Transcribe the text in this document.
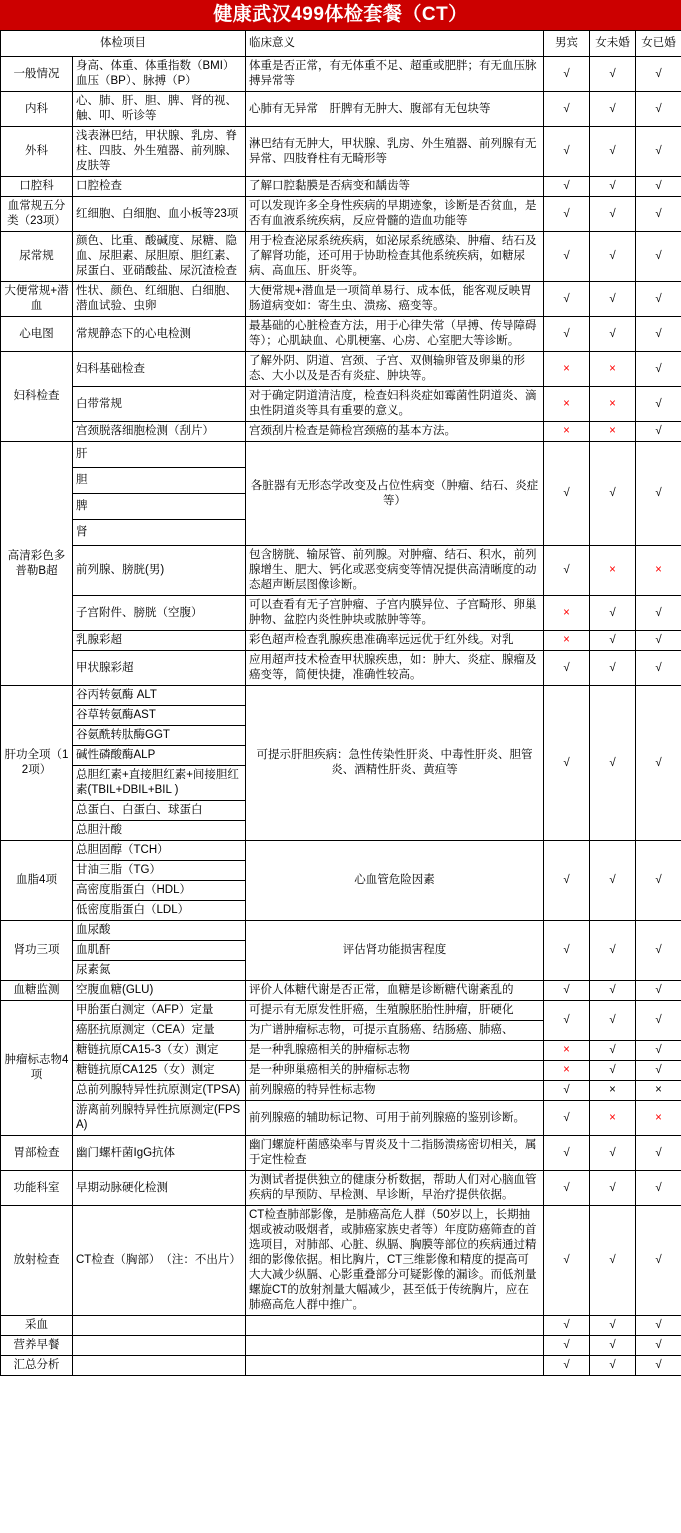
健康武汉499体检套餐（CT）
体检项目		临床意义	男宾	女未婚	女已婚
一般情况	身高、体重、体重指数（BMI）血压（BP）、脉搏（P）	体重是否正常，有无体重不足、超重或肥胖；有无血压脉搏异常等	√	√	√
内科	心、肺、肝、胆、脾、肾的视、触、叩、听诊等	心肺有无异常　肝脾有无肿大、腹部有无包块等	√	√	√
外科	浅表淋巴结，甲状腺、乳房、脊柱、四肢、外生殖器、前列腺、皮肤等	淋巴结有无肿大，甲状腺、乳房、外生殖器、前列腺有无异常、四肢脊柱有无畸形等	√	√	√
口腔科	口腔检查	了解口腔黏膜是否病变和龋齿等	√	√	√
血常规五分类（23项）	红细胞、白细胞、血小板等23项	可以发现许多全身性疾病的早期迹象，诊断是否贫血，是否有血液系统疾病，反应骨髓的造血功能等	√	√	√
尿常规	颜色、比重、酸碱度、尿糖、隐血、尿胆素、尿胆原、胆红素、尿蛋白、亚硝酸盐、尿沉渣检查	用于检查泌尿系统疾病，如泌尿系统感染、肿瘤、结石及了解肾功能，还可用于协助检查其他系统疾病，如糖尿病、高血压、肝炎等。	√	√	√
大便常规+潜血	性状、颜色、红细胞、白细胞、潜血试验、虫卵	大便常规+潜血是一项简单易行、成本低，能客观反映胃肠道病变如：寄生虫、溃疡、癌变等。	√	√	√
心电图	常规静态下的心电检测	最基础的心脏检查方法，用于心律失常（早搏、传导障碍等）；心肌缺血、心肌梗塞、心房、心室肥大等诊断。	√	√	√
妇科检查	妇科基础检查	了解外阴、阴道、宫颈、子宫、双侧输卵管及卵巢的形态、大小以及是否有炎症、肿块等。	×	×	√
	白带常规	对于确定阴道清洁度，检查妇科炎症如霉菌性阴道炎、滴虫性阴道炎等具有重要的意义。	×	×	√
	宫颈脱落细胞检测（刮片）	宫颈刮片检查是筛检宫颈癌的基本方法。	×	×	√
高清彩色多普勒B超	肝	各脏器有无形态学改变及占位性病变（肿瘤、结石、炎症等）	√	√	√
	胆				
	脾				
	肾				
	前列腺、膀胱(男)	包含膀胱、输尿管、前列腺。对肿瘤、结石、积水，前列腺增生、肥大、钙化或恶变病变等情况提供高清晰度的动态超声断层图像诊断。	√	×	×
	子宫附件、膀胱（空腹）	可以查看有无子宫肿瘤、子宫内膜异位、子宫畸形、卵巢肿物、盆腔内炎性肿块或脓肿等等。	×	√	√
	乳腺彩超	彩色超声检查乳腺疾患准确率远远优于红外线。对乳	×	√	√
	甲状腺彩超	应用超声技术检查甲状腺疾患，如：肿大、炎症、腺瘤及癌变等，简便快捷，准确性较高。	√	√	√
肝功全项（12项）	谷丙转氨酶 ALT	可提示肝胆疾病：急性传染性肝炎、中毒性肝炎、胆管炎、酒精性肝炎、黄疸等	√	√	√
	谷草转氨酶AST				
	谷氨酰转肽酶GGT				
	碱性磷酸酶ALP				
	总胆红素+直接胆红素+间接胆红素(TBIL+DBIL+BIL )				
	总蛋白、白蛋白、球蛋白				
	总胆汁酸				
血脂4项	总胆固醇（TCH）	心血管危险因素	√	√	√
	甘油三脂（TG）				
	高密度脂蛋白（HDL）				
	低密度脂蛋白（LDL）				
肾功三项	血尿酸	评估肾功能损害程度	√	√	√
	血肌酐				
	尿素氮				
血糖监测	空腹血糖(GLU)	评价人体糖代谢是否正常，血糖是诊断糖代谢紊乱的	√	√	√
肿瘤标志物4项	甲胎蛋白测定（AFP）定量	可提示有无原发性肝癌，生殖腺胚胎性肿瘤，肝硬化	√	√	√
	癌胚抗原测定（CEA）定量	为广谱肿瘤标志物，可提示直肠癌、结肠癌、肺癌、			
	糖链抗原CA15-3（女）测定	是一种乳腺癌相关的肿瘤标志物	×	√	√
	糖链抗原CA125（女）测定	是一种卵巢癌相关的肿瘤标志物	×	√	√
	总前列腺特异性抗原测定(TPSA)	前列腺癌的特异性标志物	√	×	×
	游离前列腺特异性抗原测定(FPSA)	前列腺癌的辅助标记物、可用于前列腺癌的鉴别诊断。	√	×	×
胃部检查	幽门螺杆菌IgG抗体	幽门螺旋杆菌感染率与胃炎及十二指肠溃疡密切相关，属于定性检查	√	√	√
功能科室	早期动脉硬化检测	为测试者提供独立的健康分析数据，帮助人们对心脑血管疾病的早预防、早检测、早诊断，早治疗提供依据。	√	√	√
放射检查	CT检查（胸部）　（注：不出片）	CT检查肺部影像，是肺癌高危人群（50岁以上，长期抽烟或被动吸烟者，或肺癌家族史者等）年度防癌筛查的首选项目，对肺部、心脏、纵膈、胸膜等部位的疾病通过精细的影像依据。相比胸片，CT三维影像和精度的提高可大大减少纵膈、心影重叠部分可疑影像的漏诊。而低剂量螺旋CT的放射剂量大幅减少，甚至低于传统胸片，应在肺癌高危人群中推广。	√	√	√
采血			√	√	√
营养早餐			√	√	√
汇总分析			√	√	√
